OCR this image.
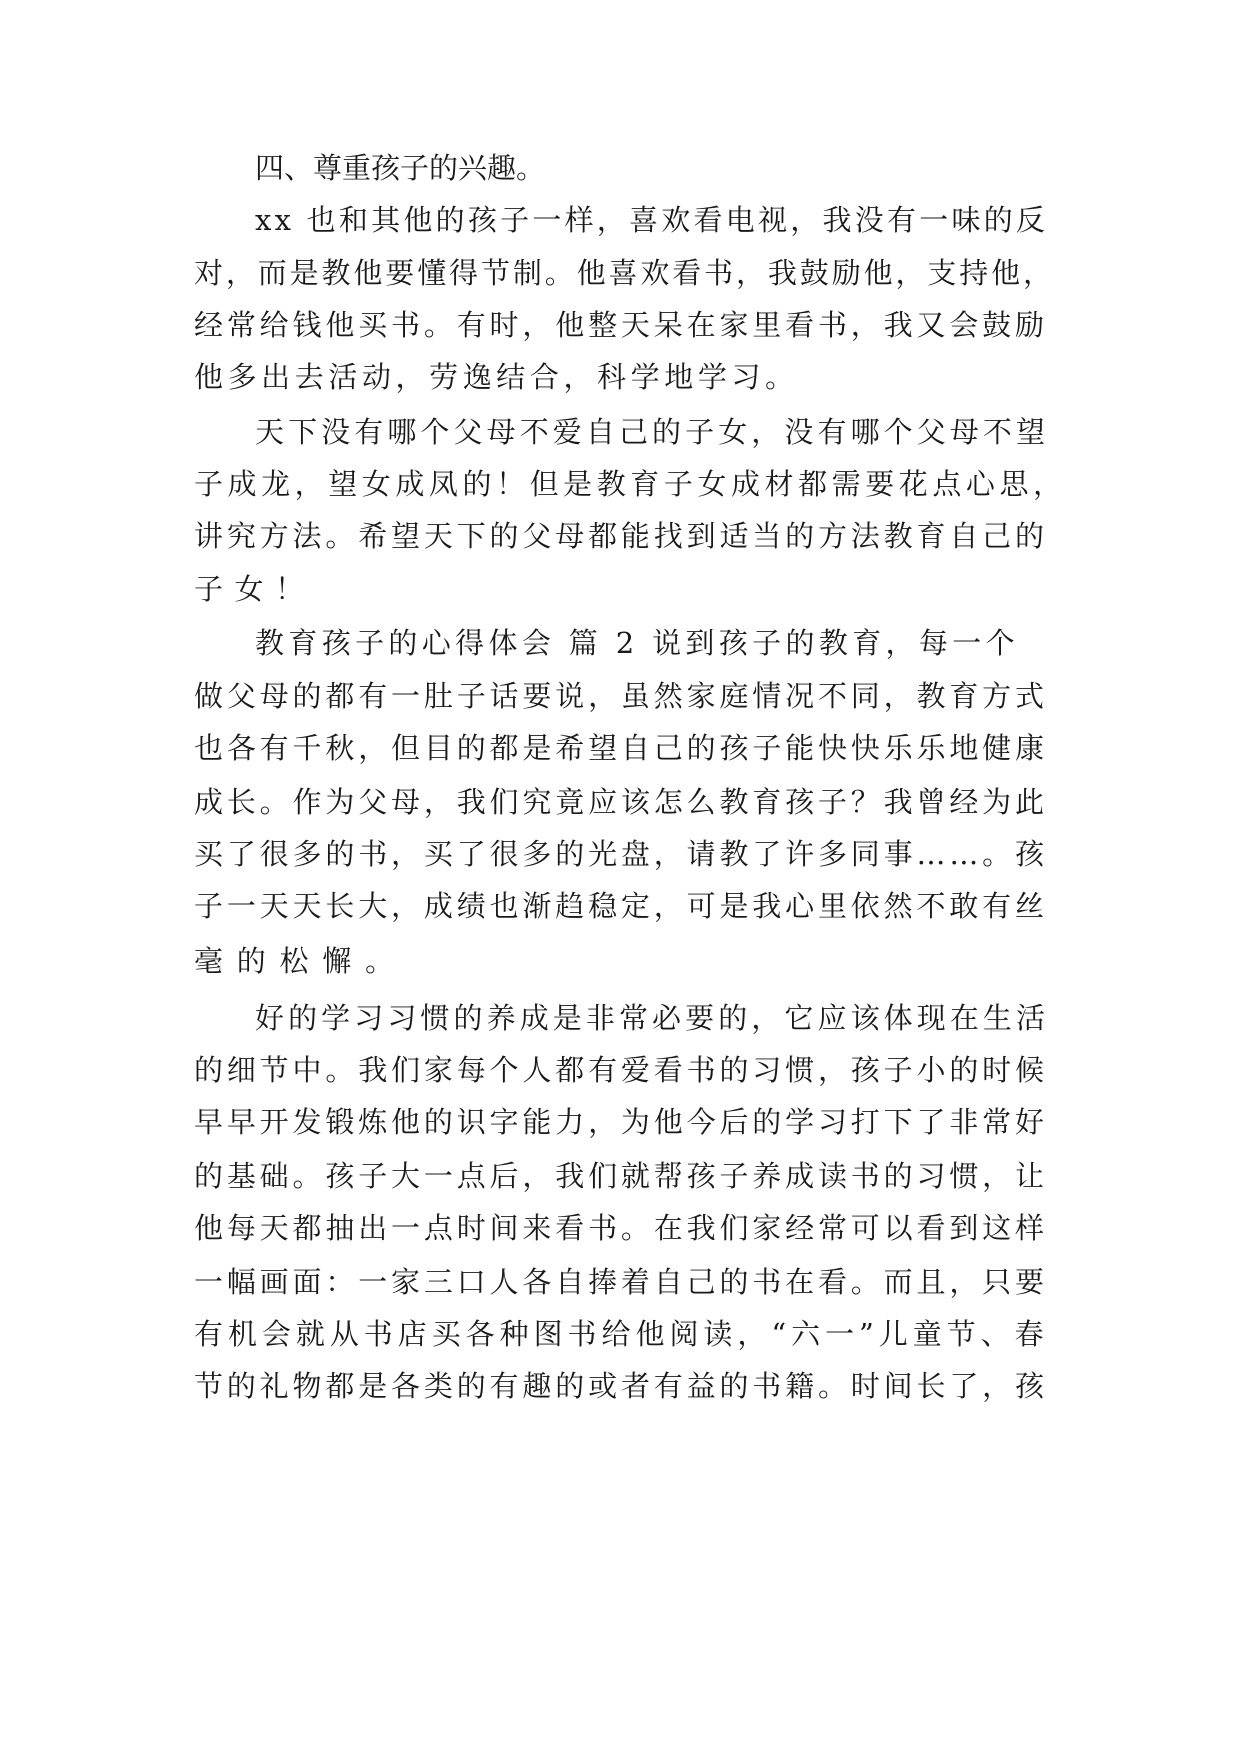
四、尊重孩子的兴趣。

xx 也和其他的孩子一样，喜欢看电视，我没有一味的反

对，而是教他要懂得节制。他喜欢看书，我鼓励他，支持他，

经常给钱他买书。有时，他整天呆在家里看书，我又会鼓励

他多出去活动，劳逸结合，科学地学习。

天下没有哪个父母不爱自己的子女，没有哪个父母不望

子成龙，望女成凤的！但是教育子女成材都需要花点心思，

讲究方法。希望天下的父母都能找到适当的方法教育自己的

子女！

教育孩子的心得体会 篇 2 说到孩子的教育，每一个

做父母的都有一肚子话要说，虽然家庭情况不同，教育方式

也各有千秋，但目的都是希望自己的孩子能快快乐乐地健康

成长。作为父母，我们究竟应该怎么教育孩子？我曾经为此

买了很多的书，买了很多的光盘，请教了许多同事……。孩

子一天天长大，成绩也渐趋稳定，可是我心里依然不敢有丝

毫的松懈。

好的学习习惯的养成是非常必要的，它应该体现在生活

的细节中。我们家每个人都有爱看书的习惯，孩子小的时候

早早开发锻炼他的识字能力，为他今后的学习打下了非常好

的基础。孩子大一点后，我们就帮孩子养成读书的习惯，让

他每天都抽出一点时间来看书。在我们家经常可以看到这样

一幅画面：一家三口人各自捧着自己的书在看。而且，只要

有机会就从书店买各种图书给他阅读，“六一”儿童节、春

节的礼物都是各类的有趣的或者有益的书籍。时间长了，孩
